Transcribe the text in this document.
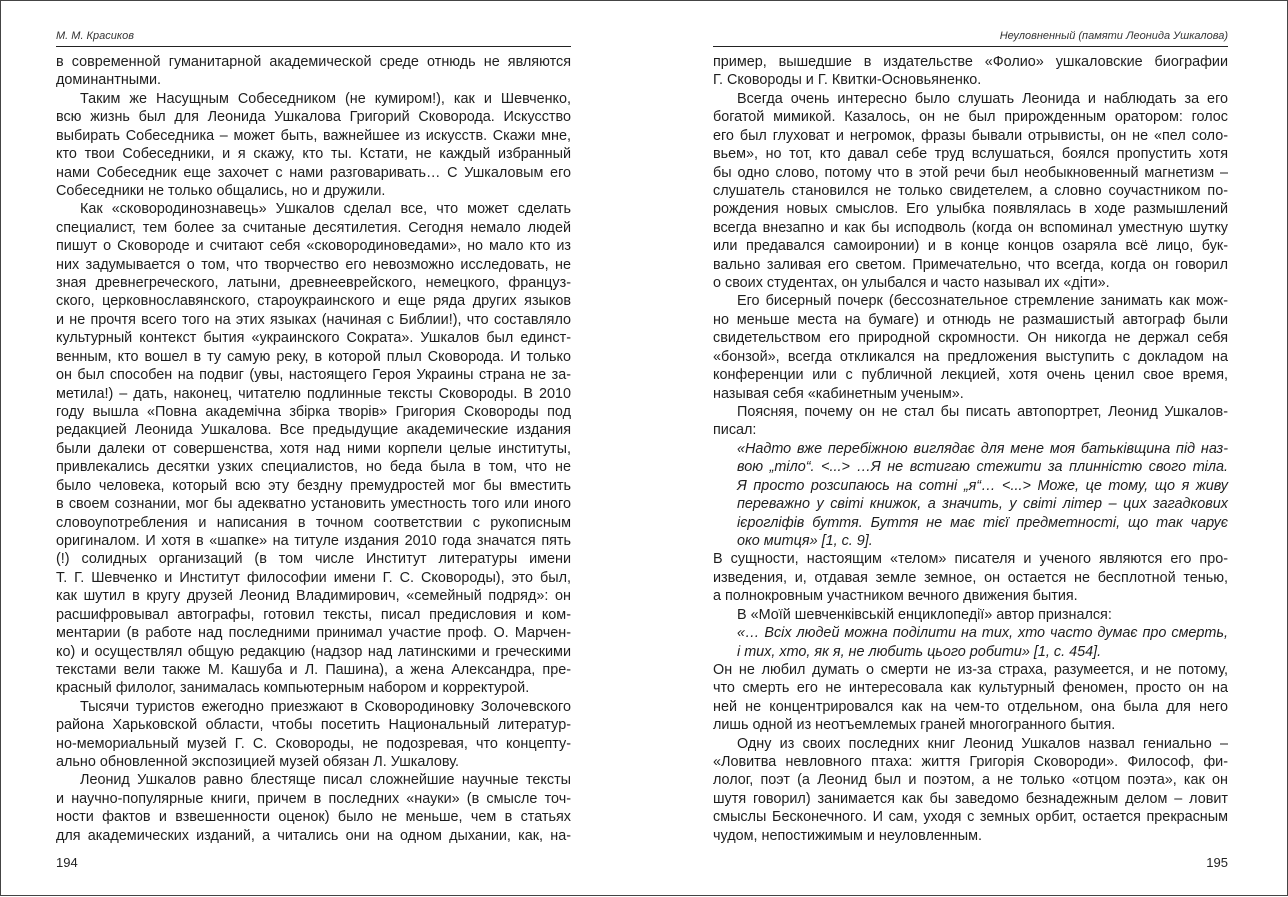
М. М. Красиков
в современной гуманитарной академической среде отнюдь не являются
доминантными.
Таким же Насущным Собеседником (не кумиром!), как и Шевченко,
всю жизнь был для Леонида Ушкалова Григорий Сковорода. Искусство
выбирать Собеседника – может быть, важнейшее из искусств. Скажи мне,
кто твои Собеседники, и я скажу, кто ты. Кстати, не каждый избранный
нами Собеседник еще захочет с нами разговаривать… С Ушкаловым его
Собеседники не только общались, но и дружили.
Как «сковородинознавець» Ушкалов сделал все, что может сделать
специалист, тем более за считаные десятилетия. Сегодня немало людей
пишут о Сковороде и считают себя «сковородиноведами», но мало кто из
них задумывается о том, что творчество его невозможно исследовать, не
зная древнегреческого, латыни, древнееврейского, немецкого, француз-
ского, церковнославянского, староукраинского и еще ряда других языков
и не прочтя всего того на этих языках (начиная с Библии!), что составляло
культурный контекст бытия «украинского Сократа». Ушкалов был единст-
венным, кто вошел в ту самую реку, в которой плыл Сковорода. И только
он был способен на подвиг (увы, настоящего Героя Украины страна не за-
метила!) – дать, наконец, читателю подлинные тексты Сковороды. В 2010
году вышла «Повна академічна збірка творів» Григория Сковороды под
редакцией Леонида Ушкалова. Все предыдущие академические издания
были далеки от совершенства, хотя над ними корпели целые институты,
привлекались десятки узких специалистов, но беда была в том, что не
было человека, который всю эту бездну премудростей мог бы вместить
в своем сознании, мог бы адекватно установить уместность того или иного
словоупотребления и написания в точном соответствии с рукописным
оригиналом. И хотя в «шапке» на титуле издания 2010 года значатся пять
(!) солидных организаций (в том числе Институт литературы имени
Т. Г. Шевченко и Институт философии имени Г. С. Сковороды), это был,
как шутил в кругу друзей Леонид Владимирович, «семейный подряд»: он
расшифровывал автографы, готовил тексты, писал предисловия и ком-
ментарии (в работе над последними принимал участие проф. О. Марчен-
ко) и осуществлял общую редакцию (надзор над латинскими и греческими
текстами вели также М. Кашуба и Л. Пашина), а жена Александра, пре-
красный филолог, занималась компьютерным набором и корректурой.
Тысячи туристов ежегодно приезжают в Сковородиновку Золочевского
района Харьковской области, чтобы посетить Национальный литератур-
но-мемориальный музей Г. С. Сковороды, не подозревая, что концепту-
ально обновленной экспозицией музей обязан Л. Ушкалову.
Леонид Ушкалов равно блестяще писал сложнейшие научные тексты
и научно-популярные книги, причем в последних «науки» (в смысле точ-
ности фактов и взвешенности оценок) было не меньше, чем в статьях
для академических изданий, а читались они на одном дыхании, как, на-
194
Неуловненный (памяти Леонида Ушкалова)
пример, вышедшие в издательстве «Фолио» ушкаловские биографии
Г. Сковороды и Г. Квитки-Основьяненко.
Всегда очень интересно было слушать Леонида и наблюдать за его
богатой мимикой. Казалось, он не был прирожденным оратором: голос
его был глуховат и негромок, фразы бывали отрывисты, он не «пел соло-
вьем», но тот, кто давал себе труд вслушаться, боялся пропустить хотя
бы одно слово, потому что в этой речи был необыкновенный магнетизм –
слушатель становился не только свидетелем, а словно соучастником по-
рождения новых смыслов. Его улыбка появлялась в ходе размышлений
всегда внезапно и как бы исподволь (когда он вспоминал уместную шутку
или предавался самоиронии) и в конце концов озаряла всё лицо, бук-
вально заливая его светом. Примечательно, что всегда, когда он говорил
о своих студентах, он улыбался и часто называл их «діти».
Его бисерный почерк (бессознательное стремление занимать как мож-
но меньше места на бумаге) и отнюдь не размашистый автограф были
свидетельством его природной скромности. Он никогда не держал себя
«бонзой», всегда откликался на предложения выступить с докладом на
конференции или с публичной лекцией, хотя очень ценил свое время,
называя себя «кабинетным ученым».
Поясняя, почему он не стал бы писать автопортрет, Леонид Ушкалов-
писал:
«Надто вже перебіжною виглядає для мене моя батьківщина під наз-
вою „тіло“. <...> …Я не встигаю стежити за плинністю свого тіла.
Я просто розсипаюсь на сотні „я“… <...> Може, це тому, що я живу
переважно у світі книжок, а значить, у світі літер – цих загадкових
ієрогліфів буття. Буття не має тієї предметності, що так чарує
око митця» [1, с. 9].
В сущности, настоящим «телом» писателя и ученого являются его про-
изведения, и, отдавая земле земное, он остается не бесплотной тенью,
а полнокровным участником вечного движения бытия.
В «Моїй шевченківській енциклопедії» автор признался:
«… Всіх людей можна поділити на тих, хто часто думає про смерть,
і тих, хто, як я, не любить цього робити» [1, с. 454].
Он не любил думать о смерти не из-за страха, разумеется, и не потому,
что смерть его не интересовала как культурный феномен, просто он на
ней не концентрировался как на чем-то отдельном, она была для него
лишь одной из неотъемлемых граней многогранного бытия.
Одну из своих последних книг Леонид Ушкалов назвал гениально –
«Ловитва невловного птаха: життя Григорія Сковороди». Философ, фи-
лолог, поэт (а Леонид был и поэтом, а не только «отцом поэта», как он
шутя говорил) занимается как бы заведомо безнадежным делом – ловит
смыслы Бесконечного. И сам, уходя с земных орбит, остается прекрасным
чудом, непостижимым и неуловленным.
195
